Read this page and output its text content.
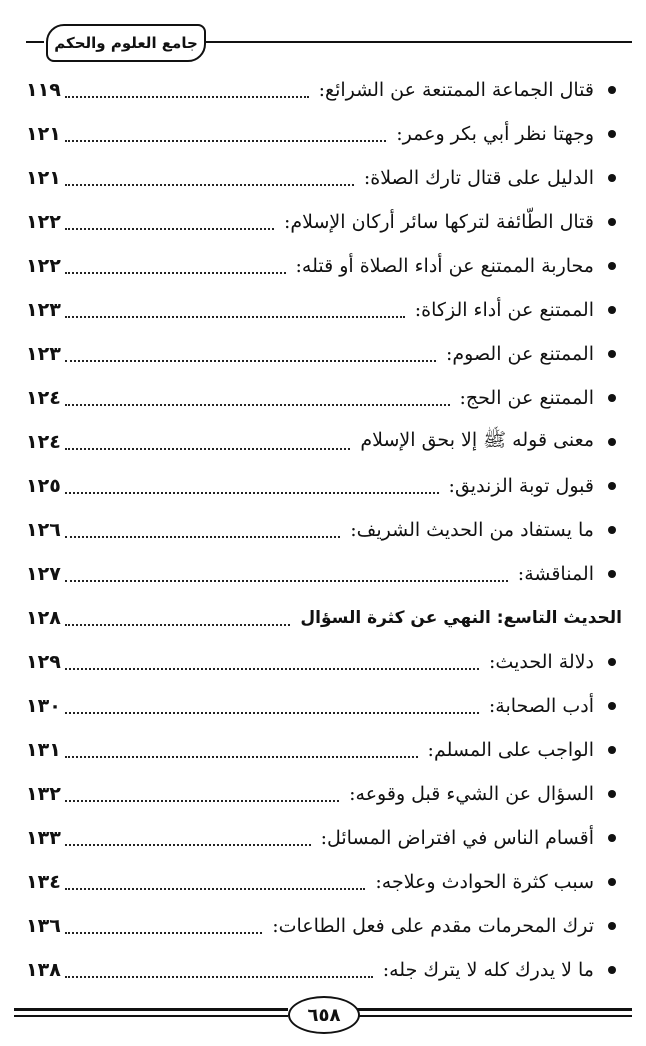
جامع العلوم والحكم
قتال الجماعة الممتنعة عن الشرائع:
١١٩
وجهتا نظر أبي بكر وعمر:
١٢١
الدليل على قتال تارك الصلاة:
١٢١
قتال الطّائفة لتركها سائر أركان الإسلام:
١٢٢
محاربة الممتنع عن أداء الصلاة أو قتله:
١٢٢
الممتنع عن أداء الزكاة:
١٢٣
الممتنع عن الصوم:
١٢٣
الممتنع عن الحج:
١٢٤
معنى قوله ﷺ إلا بحق الإسلام
١٢٤
قبول توبة الزنديق:
١٢٥
ما يستفاد من الحديث الشريف:
١٢٦
المناقشة:
١٢٧
الحديث التاسع: النهي عن كثرة السؤال
١٢٨
دلالة الحديث:
١٢٩
أدب الصحابة:
١٣٠
الواجب على المسلم:
١٣١
السؤال عن الشيء قبل وقوعه:
١٣٢
أقسام الناس في افتراض المسائل:
١٣٣
سبب كثرة الحوادث وعلاجه:
١٣٤
ترك المحرمات مقدم على فعل الطاعات:
١٣٦
ما لا يدرك كله لا يترك جله:
١٣٨
٦٥٨
